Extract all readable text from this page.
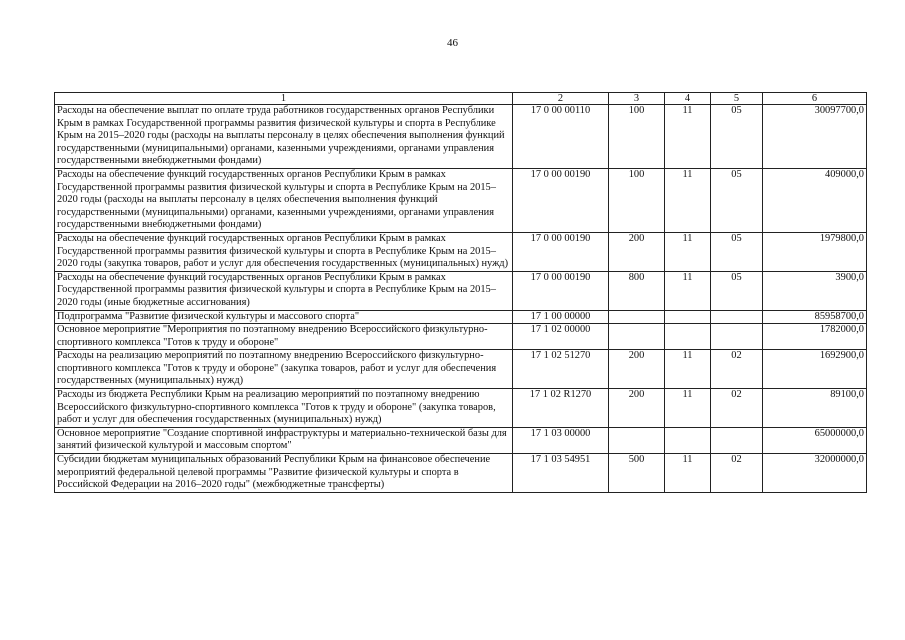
46
1	2	3	4	5	6
Расходы на обеспечение выплат по оплате труда работников государственных органов Республики Крым в рамках Государственной программы развития физической культуры и спорта в Республике Крым на 2015–2020 годы (расходы на выплаты персоналу в целях обеспечения выполнения функций государственными (муниципальными) органами, казенными учреждениями, органами управления государственными внебюджетными фондами)	17 0 00 00110	100	11	05	30097700,0
Расходы на обеспечение функций государственных органов Республики Крым в рамках Государственной программы развития физической культуры и спорта в Республике Крым на 2015–2020 годы (расходы на выплаты персоналу в целях обеспечения выполнения функций государственными (муниципальными) органами, казенными учреждениями, органами управления государственными внебюджетными фондами)	17 0 00 00190	100	11	05	409000,0
Расходы на обеспечение функций государственных органов Республики Крым в рамках Государственной программы развития физической культуры и спорта в Республике Крым на 2015–2020 годы (закупка товаров, работ и услуг для обеспечения государственных (муниципальных) нужд)	17 0 00 00190	200	11	05	1979800,0
Расходы на обеспечение функций государственных органов Республики Крым в рамках Государственной программы развития физической культуры и спорта в Республике Крым на 2015–2020 годы (иные бюджетные ассигнования)	17 0 00 00190	800	11	05	3900,0
Подпрограмма "Развитие физической культуры и массового спорта"	17 1 00 00000				85958700,0
Основное мероприятие "Мероприятия по поэтапному внедрению Всероссийского физкультурно-спортивного комплекса "Готов к труду и обороне"	17 1 02 00000				1782000,0
Расходы на реализацию мероприятий по поэтапному внедрению Всероссийского физкультурно-спортивного комплекса "Готов к труду и обороне" (закупка товаров, работ и услуг для обеспечения государственных (муниципальных) нужд)	17 1 02 51270	200	11	02	1692900,0
Расходы из бюджета Республики Крым на реализацию мероприятий по поэтапному внедрению Всероссийского физкультурно-спортивного комплекса "Готов к труду и обороне" (закупка товаров, работ и услуг для обеспечения государственных (муниципальных) нужд)	17 1 02 R1270	200	11	02	89100,0
Основное мероприятие "Создание спортивной инфраструктуры и материально-технической базы для занятий физической культурой и массовым спортом"	17 1 03 00000				65000000,0
Субсидии бюджетам муниципальных образований Республики Крым на финансовое обеспечение мероприятий федеральной целевой программы "Развитие физической культуры и спорта в Российской Федерации на 2016–2020 годы" (межбюджетные трансферты)	17 1 03 54951	500	11	02	32000000,0
